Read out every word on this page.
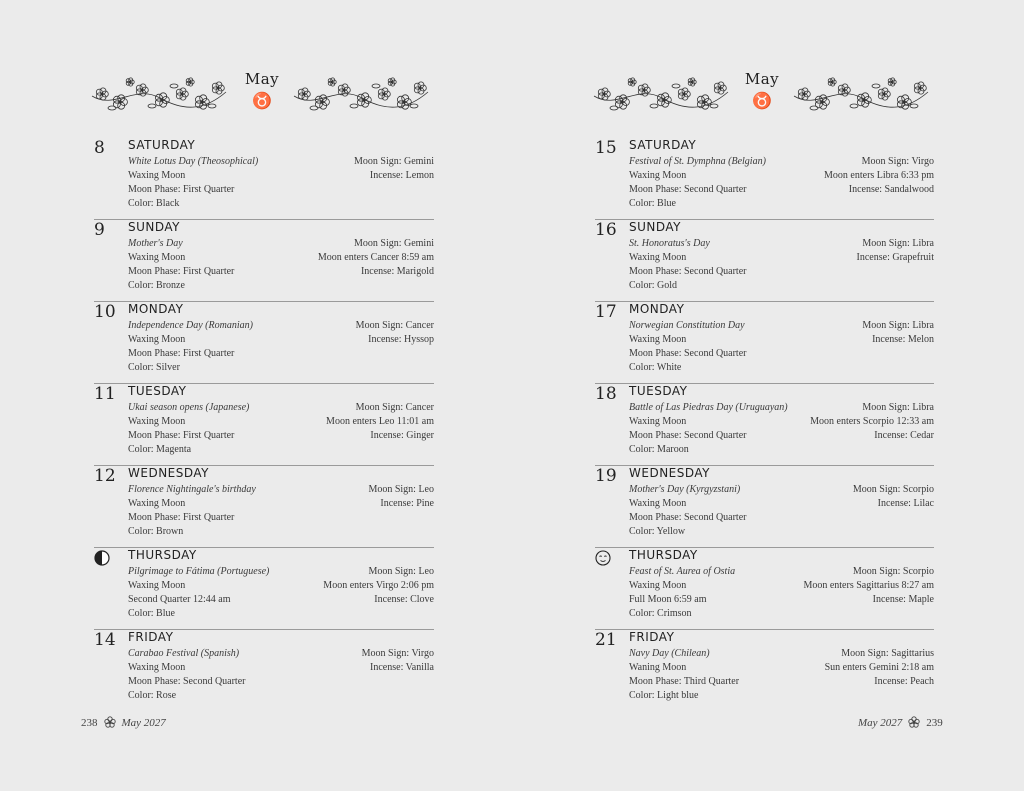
May
♉
8	SATURDAY
White Lotus Day (Theosophical)	Moon Sign: Gemini
Waxing Moon	Incense: Lemon
Moon Phase: First Quarter
Color: Black
9	SUNDAY
Mother's Day	Moon Sign: Gemini
Waxing Moon	Moon enters Cancer 8:59 am
Moon Phase: First Quarter	Incense: Marigold
Color: Bronze
10	MONDAY
Independence Day (Romanian)	Moon Sign: Cancer
Waxing Moon	Incense: Hyssop
Moon Phase: First Quarter
Color: Silver
11	TUESDAY
Ukai season opens (Japanese)	Moon Sign: Cancer
Waxing Moon	Moon enters Leo 11:01 am
Moon Phase: First Quarter	Incense: Ginger
Color: Magenta
12	WEDNESDAY
Florence Nightingale's birthday	Moon Sign: Leo
Waxing Moon	Incense: Pine
Moon Phase: First Quarter
Color: Brown
THURSDAY
Pilgrimage to Fátima (Portuguese)	Moon Sign: Leo
Waxing Moon	Moon enters Virgo 2:06 pm
Second Quarter 12:44 am	Incense: Clove
Color: Blue
14	FRIDAY
Carabao Festival (Spanish)	Moon Sign: Virgo
Waxing Moon	Incense: Vanilla
Moon Phase: Second Quarter
Color: Rose
238 May 2027
May
♉
15	SATURDAY
Festival of St. Dymphna (Belgian)	Moon Sign: Virgo
Waxing Moon	Moon enters Libra 6:33 pm
Moon Phase: Second Quarter	Incense: Sandalwood
Color: Blue
16	SUNDAY
St. Honoratus's Day	Moon Sign: Libra
Waxing Moon	Incense: Grapefruit
Moon Phase: Second Quarter
Color: Gold
17	MONDAY
Norwegian Constitution Day	Moon Sign: Libra
Waxing Moon	Incense: Melon
Moon Phase: Second Quarter
Color: White
18	TUESDAY
Battle of Las Piedras Day (Uruguayan)	Moon Sign: Libra
Waxing Moon	Moon enters Scorpio 12:33 am
Moon Phase: Second Quarter	Incense: Cedar
Color: Maroon
19	WEDNESDAY
Mother's Day (Kyrgyzstani)	Moon Sign: Scorpio
Waxing Moon	Incense: Lilac
Moon Phase: Second Quarter
Color: Yellow
THURSDAY
Feast of St. Aurea of Ostia	Moon Sign: Scorpio
Waxing Moon	Moon enters Sagittarius 8:27 am
Full Moon 6:59 am	Incense: Maple
Color: Crimson
21	FRIDAY
Navy Day (Chilean)	Moon Sign: Sagittarius
Waning Moon	Sun enters Gemini 2:18 am
Moon Phase: Third Quarter	Incense: Peach
Color: Light blue
May 2027 239
